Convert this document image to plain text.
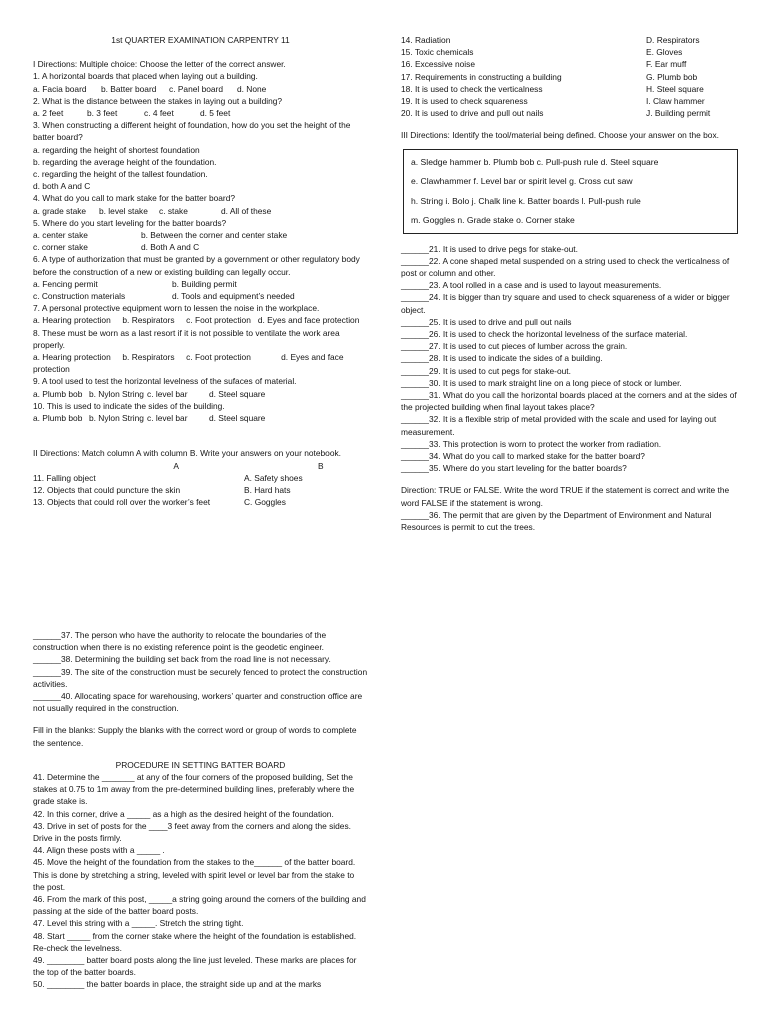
1st QUARTER EXAMINATION CARPENTRY 11

I Directions: Multiple choice: Choose the letter of the correct answer.

1. A horizontal boards that placed when laying out a building.

a. Facia board	b. Batter board	c. Panel board	d. None

2. What is the distance between the stakes in laying out a building?

a. 2 feet	b. 3 feet	c. 4 feet	d. 5 feet

3. When constructing a different height of foundation, how do you set the height of the batter board?

a. regarding the height of shortest foundation

b. regarding the average height of the foundation.

c. regarding the height of the tallest foundation.

d. both A and C

4. What do you call to mark stake for the batter board?

a. grade stake	b. level stake	c. stake	d. All of these

5. Where do you start leveling for the batter boards?

a. center stake	b. Between the corner and center stake
c. corner stake	d. Both A and C

6. A type of authorization that must be granted by a government or other regulatory body before the construction of a new or existing building can legally occur.

a. Fencing permit	b. Building permit
c. Construction materials	d. Tools and equipment’s needed

7. A personal protective equipment worn to lessen the noise in the workplace.

a. Hearing protection b. Respirators c. Foot protection d. Eyes and face protection

8. These must be worn as a last resort if it is not possible to ventilate the work area properly.

a. Hearing protection b. Respirators c. Foot protection	d. Eyes and face protection

9. A tool used to test the horizontal levelness of the sufaces of material.

a. Plumb bob b. Nylon String c. level bar	d. Steel square

10. This is used to indicate the sides of the building.

a. Plumb bob b. Nylon String c. level bar	d. Steel square

II Directions: Match column A with column B. Write your answers on your notebook.

A	B
11. Falling object	A. Safety shoes
12. Objects that could puncture the skin	B. Hard hats
13. Objects that could roll over the worker’s feet	C. Goggles
14. Radiation	D. Respirators
15. Toxic chemicals	E. Gloves
16. Excessive noise	F. Ear muff
17. Requirements in constructing a building	G. Plumb bob
18. It is used to check the verticalness	H. Steel square
19. It is used to check squareness	I. Claw hammer
20. It is used to drive and pull out nails	J. Building permit

III Directions: Identify the tool/material being defined. Choose your answer on the box.

a. Sledge hammer b. Plumb bob c. Pull-push rule d. Steel square

e. Clawhammer f. Level bar or spirit level g. Cross cut saw

h. String i. Bolo j. Chalk line k. Batter boards l. Pull-push rule

m. Goggles n. Grade stake o. Corner stake

______21. It is used to drive pegs for stake-out.

______22. A cone shaped metal suspended on a string used to check the verticalness of post or column and other.

______23. A tool rolled in a case and is used to layout measurements.

______24. It is bigger than try square and used to check squareness of a wider or bigger object.

______25. It is used to drive and pull out nails

______26. It is used to check the horizontal levelness of the surface material.

______27. It is used to cut pieces of lumber across the grain.

______28. It is used to indicate the sides of a building.

______29. It is used to cut pegs for stake-out.

______30. It is used to mark straight line on a long piece of stock or lumber.

______31. What do you call the horizontal boards placed at the corners and at the sides of the projected building when final layout takes place?

______32. It is a flexible strip of metal provided with the scale and used for laying out measurement.

______33. This protection is worn to protect the worker from radiation.

______34. What do you call to marked stake for the batter board?

______35. Where do you start leveling for the batter boards?

Direction: TRUE or FALSE. Write the word TRUE if the statement is correct and write the word FALSE if the statement is wrong.

______36. The permit that are given by the Department of Environment and Natural Resources is permit to cut the trees.

______37. The person who have the authority to relocate the boundaries of the construction when there is no existing reference point is the geodetic engineer.

______38. Determining the building set back from the road line is not necessary.

______39. The site of the construction must be securely fenced to protect the construction activities.

______40. Allocating space for warehousing, workers’ quarter and construction office are not usually required in the construction.

Fill in the blanks: Supply the blanks with the correct word or group of words to complete the sentence.

PROCEDURE IN SETTING BATTER BOARD

41. Determine the _______ at any of the four corners of the proposed building, Set the stakes at 0.75 to 1m away from the pre-determined building lines, preferably where the grade stake is.

42. In this corner, drive a _____ as a high as the desired height of the foundation.

43. Drive in set of posts for the ____3 feet away from the corners and along the sides. Drive in the posts firmly.

44. Align these posts with a _____ .

45. Move the height of the foundation from the stakes to the______ of the batter board. This is done by stretching a string, leveled with spirit level or level bar from the stake to the post.

46. From the mark of this post, _____a string going around the corners of the building and passing at the side of the batter board posts.

47. Level this string with a _____. Stretch the string tight.

48. Start _____ from the corner stake where the height of the foundation is established. Re-check the levelness.

49. ________ batter board posts along the line just leveled. These marks are places for the top of the batter boards.

50. ________ the batter boards in place, the straight side up and at the marks
